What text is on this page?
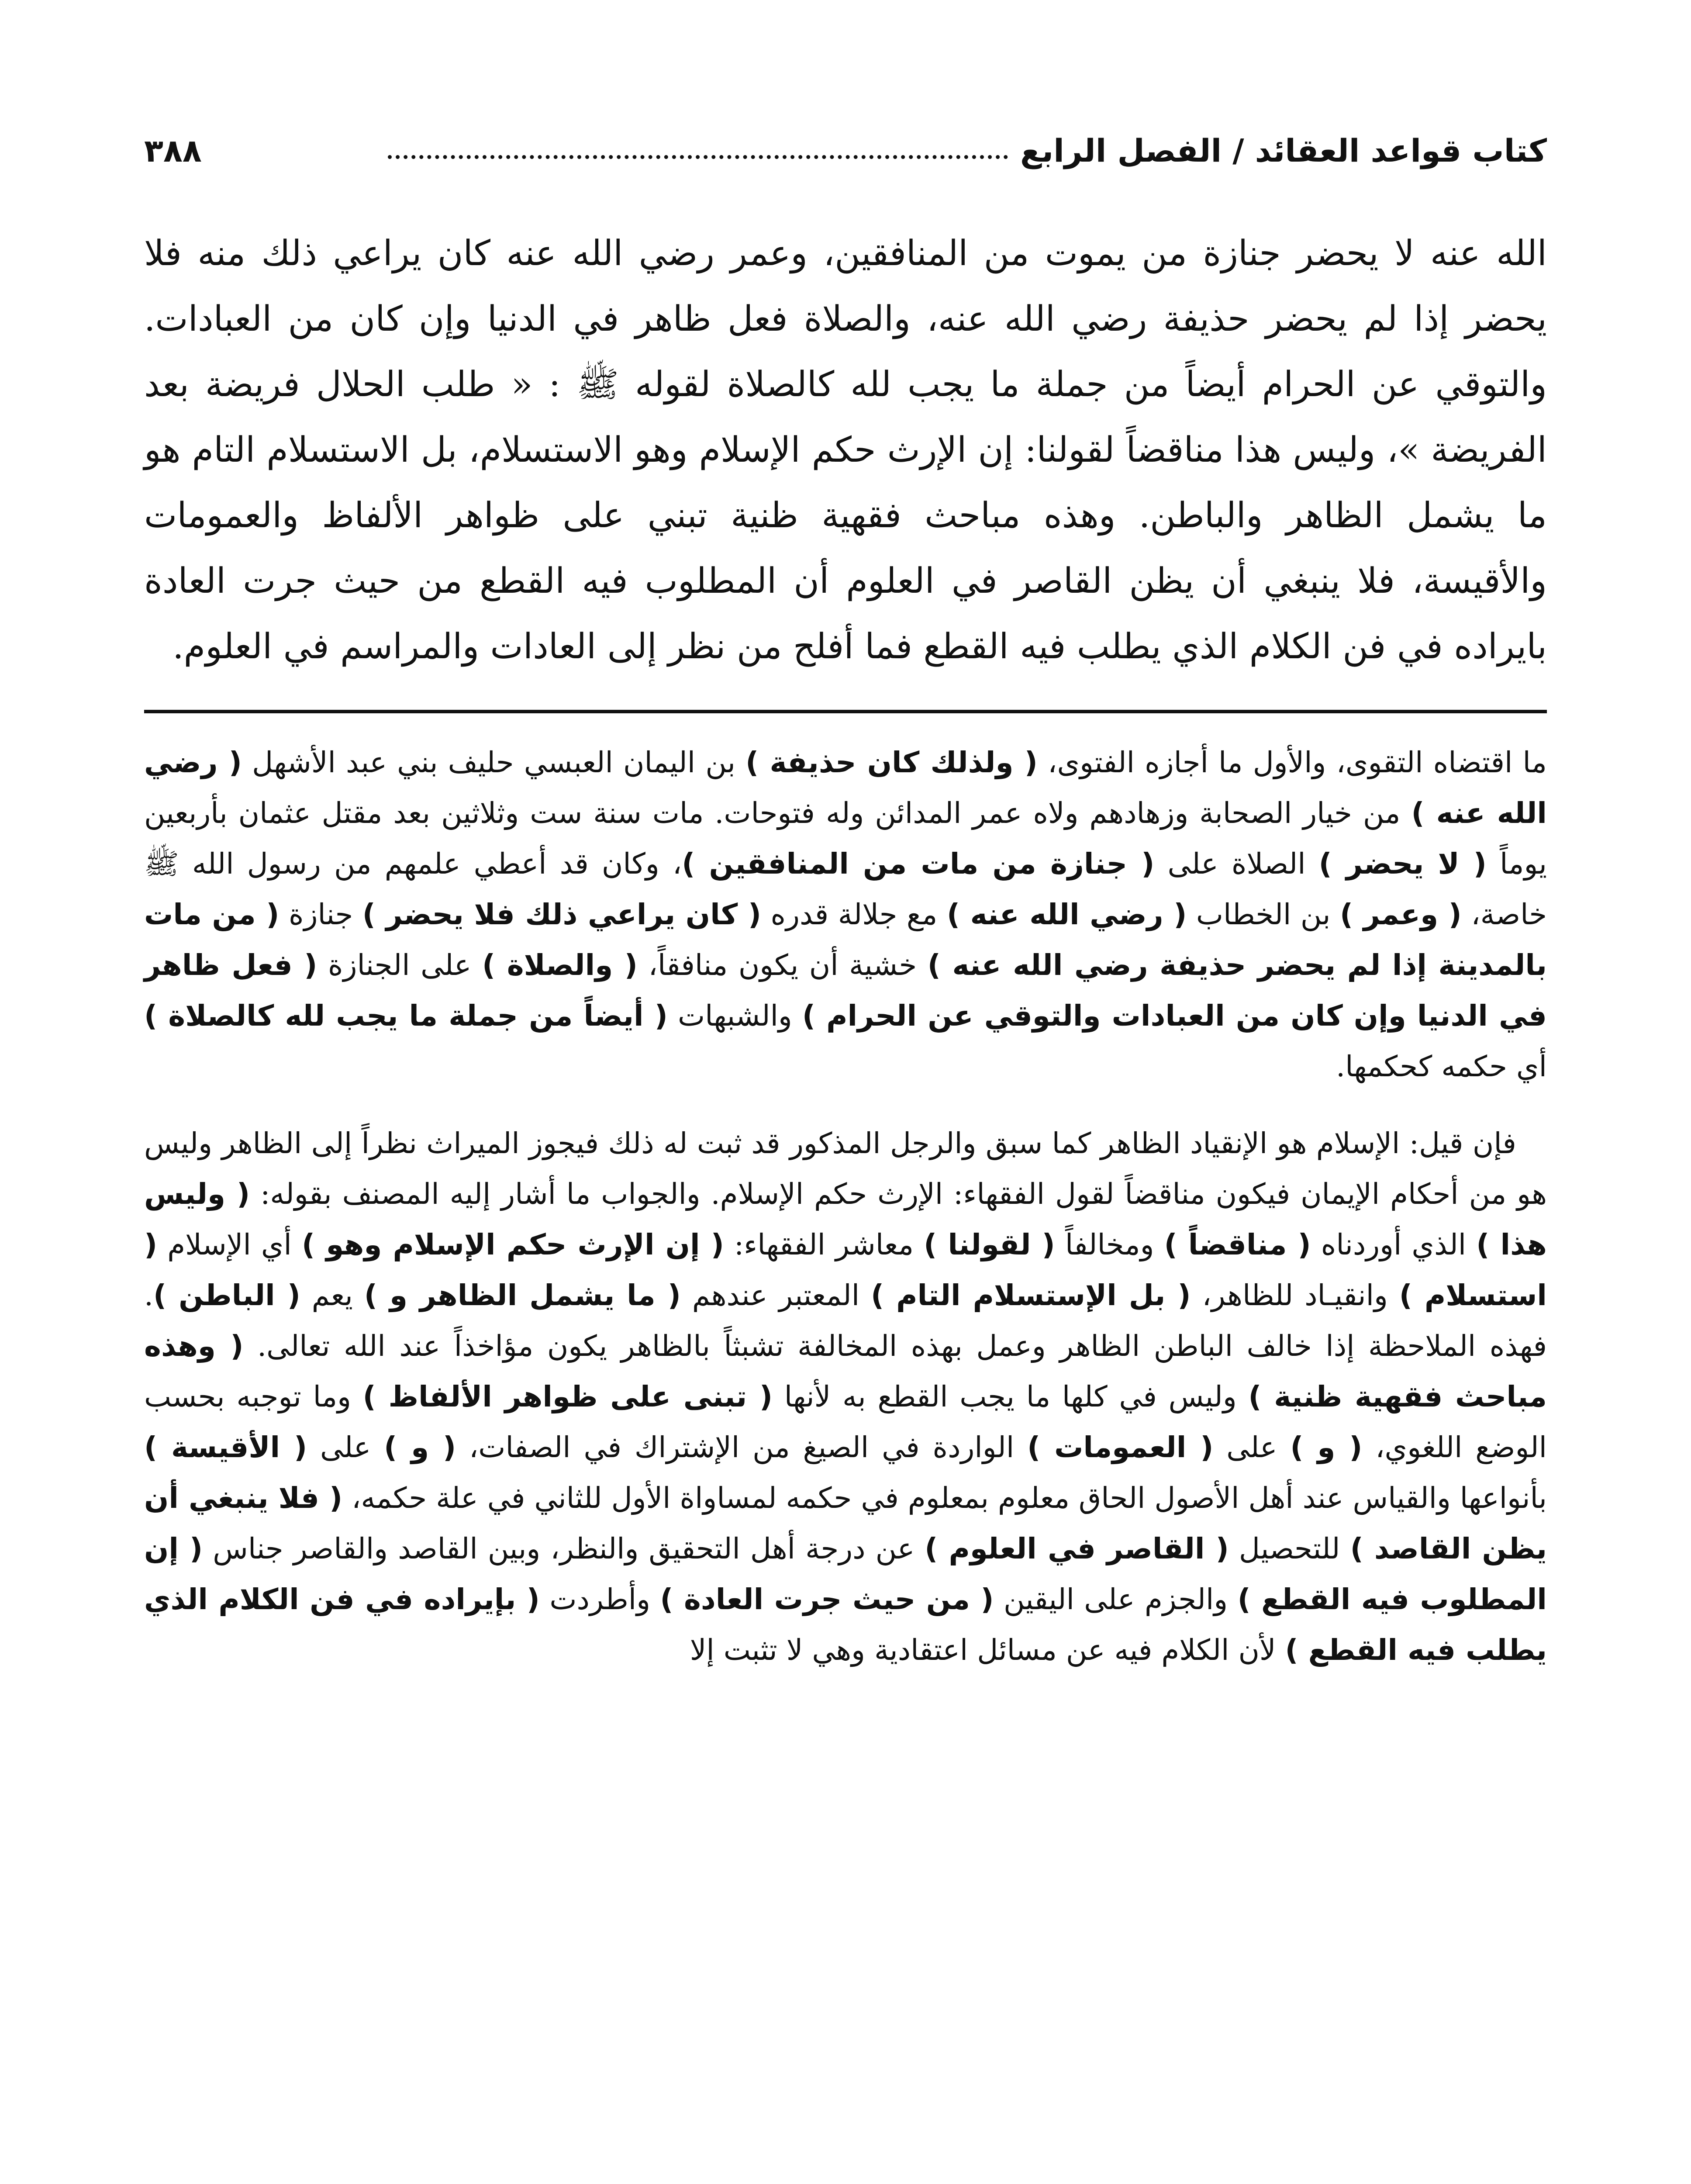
كتاب قواعد العقائد / الفصل الرابع
٣٨٨
الله عنه لا يحضر جنازة من يموت من المنافقين، وعمر رضي الله عنه كان يراعي ذلك منه فلا يحضر إذا لم يحضر حذيفة رضي الله عنه، والصلاة فعل ظاهر في الدنيا وإن كان من العبادات. والتوقي عن الحرام أيضاً من جملة ما يجب لله كالصلاة لقوله ﷺ : « طلب الحلال فريضة بعد الفريضة »، وليس هذا مناقضاً لقولنا: إن الإرث حكم الإسلام وهو الاستسلام، بل الاستسلام التام هو ما يشمل الظاهر والباطن. وهذه مباحث فقهية ظنية تبني على ظواهر الألفاظ والعمومات والأقيسة، فلا ينبغي أن يظن القاصر في العلوم أن المطلوب فيه القطع من حيث جرت العادة بايراده في فن الكلام الذي يطلب فيه القطع فما أفلح من نظر إلى العادات والمراسم في العلوم.

ما اقتضاه التقوى، والأول ما أجازه الفتوى، ( ولذلك كان حذيفة ) بن اليمان العبسي حليف بني عبد الأشهل ( رضي الله عنه ) من خيار الصحابة وزهادهم ولاه عمر المدائن وله فتوحات. مات سنة ست وثلاثين بعد مقتل عثمان بأربعين يوماً ( لا يحضر ) الصلاة على ( جنازة من مات من المنافقين )، وكان قد أعطي علمهم من رسول الله ﷺ خاصة، ( وعمر ) بن الخطاب ( رضي الله عنه ) مع جلالة قدره ( كان يراعي ذلك فلا يحضر ) جنازة ( من مات بالمدينة إذا لم يحضر حذيفة رضي الله عنه ) خشية أن يكون منافقاً، ( والصلاة ) على الجنازة ( فعل ظاهر في الدنيا وإن كان من العبادات والتوقي عن الحرام ) والشبهات ( أيضاً من جملة ما يجب لله كالصلاة ) أي حكمه كحكمها.

فإن قيل: الإسلام هو الإنقياد الظاهر كما سبق والرجل المذكور قد ثبت له ذلك فيجوز الميراث نظراً إلى الظاهر وليس هو من أحكام الإيمان فيكون مناقضاً لقول الفقهاء: الإرث حكم الإسلام. والجواب ما أشار إليه المصنف بقوله: ( وليس هذا ) الذي أوردناه ( مناقضاً ) ومخالفاً ( لقولنا ) معاشر الفقهاء: ( إن الإرث حكم الإسلام وهو ) أي الإسلام ( استسلام ) وانقيـاد للظاهر، ( بل الإستسلام التام ) المعتبر عندهم ( ما يشمل الظاهر و ) يعم ( الباطن ). فهذه الملاحظة إذا خالف الباطن الظاهر وعمل بهذه المخالفة تشبثاً بالظاهر يكون مؤاخذاً عند الله تعالى. ( وهذه مباحث فقهية ظنية ) وليس في كلها ما يجب القطع به لأنها ( تبنى على ظواهر الألفاظ ) وما توجبه بحسب الوضع اللغوي، ( و ) على ( العمومات ) الواردة في الصيغ من الإشتراك في الصفات، ( و ) على ( الأقيسة ) بأنواعها والقياس عند أهل الأصول الحاق معلوم بمعلوم في حكمه لمساواة الأول للثاني في علة حكمه، ( فلا ينبغي أن يظن القاصد ) للتحصيل ( القاصر في العلوم ) عن درجة أهل التحقيق والنظر، وبين القاصد والقاصر جناس ( إن المطلوب فيه القطع ) والجزم على اليقين ( من حيث جرت العادة ) وأطردت ( بإيراده في فن الكلام الذي يطلب فيه القطع ) لأن الكلام فيه عن مسائل اعتقادية وهي لا تثبت إلا
